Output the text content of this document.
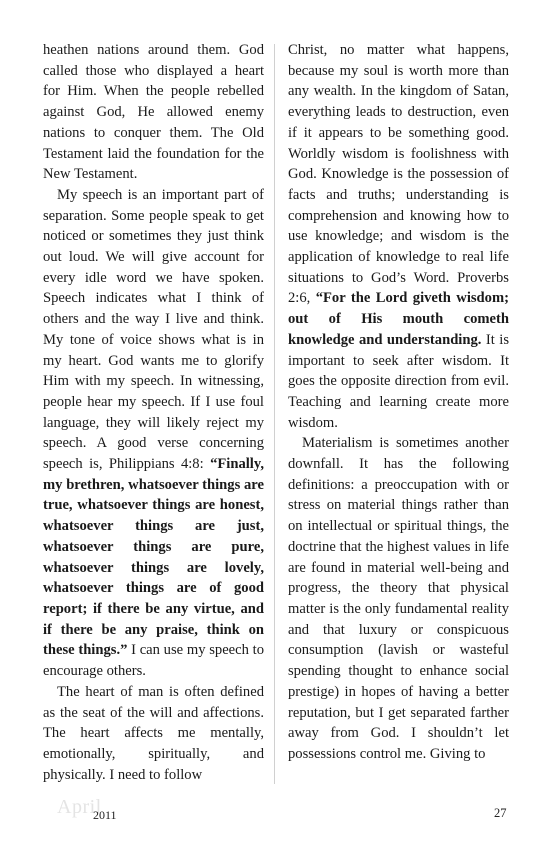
heathen nations around them. God called those who displayed a heart for Him. When the people rebelled against God, He allowed enemy nations to conquer them. The Old Testament laid the foundation for the New Testament.

My speech is an important part of separation. Some people speak to get noticed or sometimes they just think out loud. We will give account for every idle word we have spoken. Speech indicates what I think of others and the way I live and think. My tone of voice shows what is in my heart. God wants me to glorify Him with my speech. In witnessing, people hear my speech. If I use foul language, they will likely reject my speech. A good verse concerning speech is, Philippians 4:8: “Finally, my brethren, whatsoever things are true, whatsoever things are honest, whatsoever things are just, whatsoever things are pure, whatsoever things are lovely, whatsoever things are of good report; if there be any virtue, and if there be any praise, think on these things.” I can use my speech to encourage others.

The heart of man is often defined as the seat of the will and affections. The heart affects me mentally, emotionally, spiritually, and physically. I need to follow

Christ, no matter what happens, because my soul is worth more than any wealth. In the kingdom of Satan, everything leads to destruction, even if it appears to be something good. Worldly wisdom is foolishness with God. Knowledge is the possession of facts and truths; understanding is comprehension and knowing how to use knowledge; and wisdom is the application of knowledge to real life situations to God’s Word. Proverbs 2:6, “For the Lord giveth wisdom; out of His mouth cometh knowledge and understanding. It is important to seek after wisdom. It goes the opposite direction from evil. Teaching and learning create more wisdom.

Materialism is sometimes another downfall. It has the following definitions: a preoccupation with or stress on material things rather than on intellectual or spiritual things, the doctrine that the highest values in life are found in material well-being and progress, the theory that physical matter is the only fundamental reality and that luxury or conspicuous consumption (lavish or wasteful spending thought to enhance social prestige) in hopes of having a better reputation, but I get separated farther away from God. I shouldn’t let possessions control me. Giving to

April
2011	27
